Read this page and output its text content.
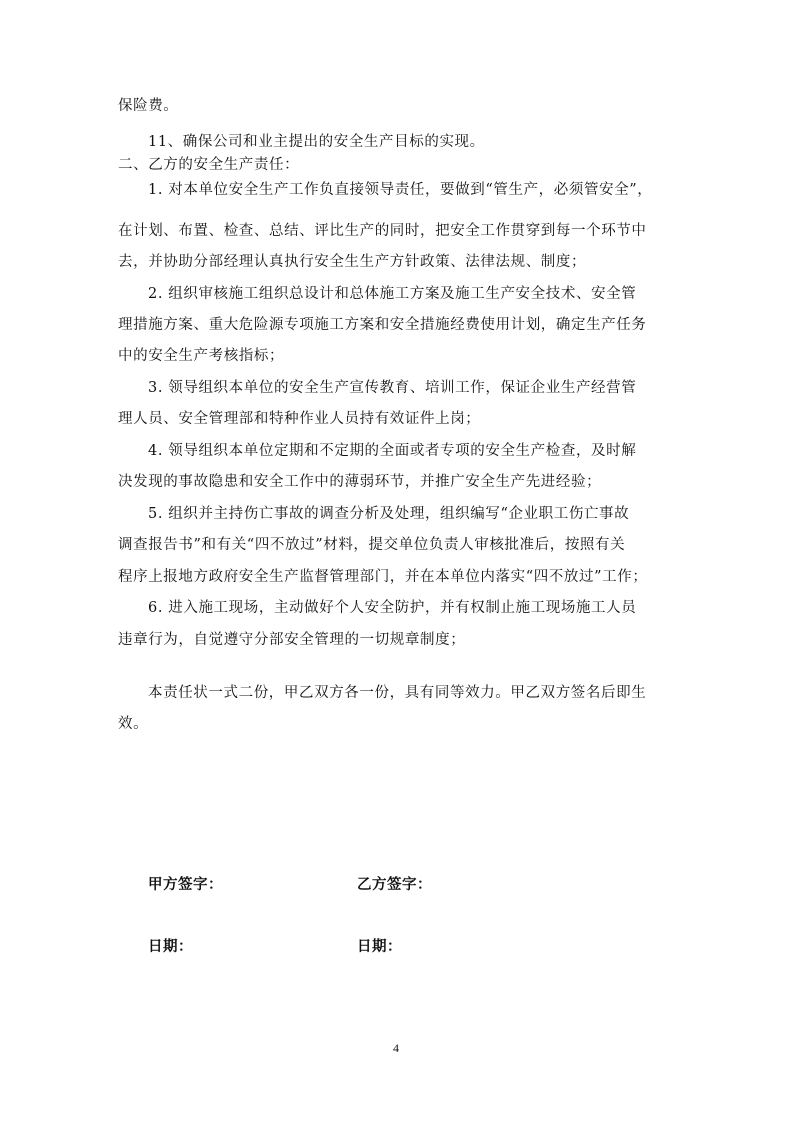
保险费。
11、确保公司和业主提出的安全生产目标的实现。
二、乙方的安全生产责任：
1. 对本单位安全生产工作负直接领导责任，要做到“管生产，必须管安全”，
在计划、布置、检查、总结、评比生产的同时，把安全工作贯穿到每一个环节中
去，并协助分部经理认真执行安全生生产方针政策、法律法规、制度；
2. 组织审核施工组织总设计和总体施工方案及施工生产安全技术、安全管
理措施方案、重大危险源专项施工方案和安全措施经费使用计划，确定生产任务
中的安全生产考核指标；
3. 领导组织本单位的安全生产宣传教育、培训工作，保证企业生产经营管
理人员、安全管理部和特种作业人员持有效证件上岗；
4. 领导组织本单位定期和不定期的全面或者专项的安全生产检查，及时解
决发现的事故隐患和安全工作中的薄弱环节，并推广安全生产先进经验；
5. 组织并主持伤亡事故的调查分析及处理，组织编写“企业职工伤亡事故
调查报告书”和有关“四不放过”材料，提交单位负责人审核批准后，按照有关
程序上报地方政府安全生产监督管理部门，并在本单位内落实“四不放过”工作；
6. 进入施工现场，主动做好个人安全防护，并有权制止施工现场施工人员
违章行为，自觉遵守分部安全管理的一切规章制度；
本责任状一式二份，甲乙双方各一份，具有同等效力。甲乙双方签名后即生
效。
甲方签字：	乙方签字：
日期：	日期：
4
